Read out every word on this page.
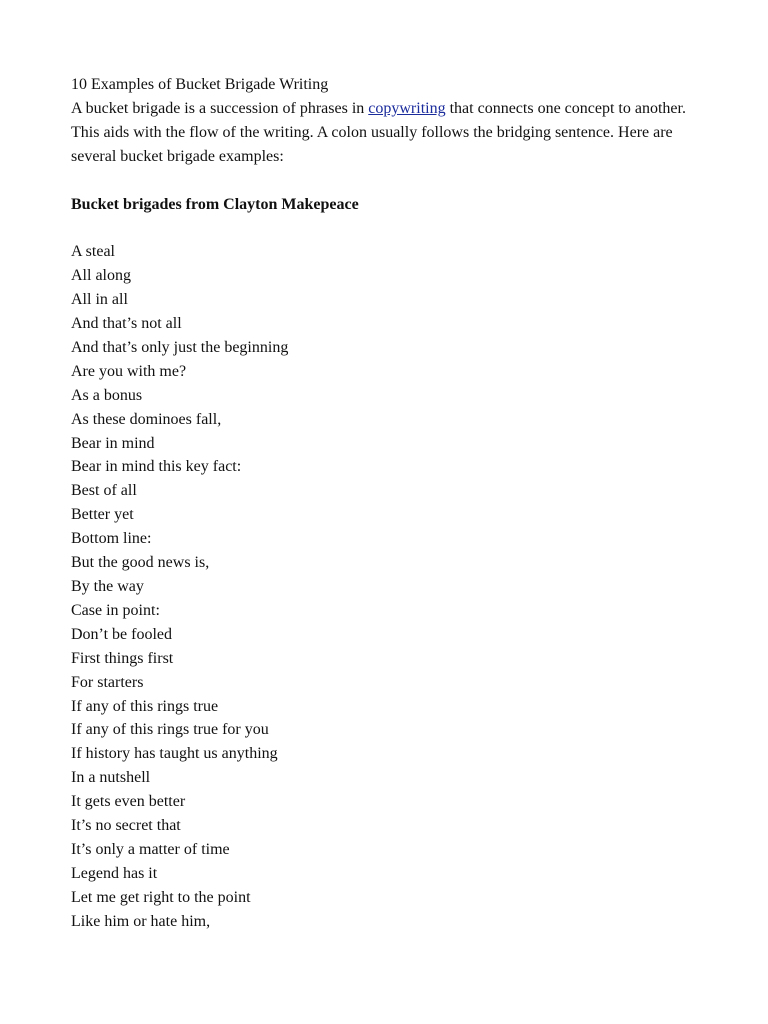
10 Examples of Bucket Brigade Writing

A bucket brigade is a succession of phrases in copywriting that connects one concept to another. This aids with the flow of the writing. A colon usually follows the bridging sentence. Here are several bucket brigade examples:

Bucket brigades from Clayton Makepeace
A steal
All along
All in all
And that’s not all
And that’s only just the beginning
Are you with me?
As a bonus
As these dominoes fall,
Bear in mind
Bear in mind this key fact:
Best of all
Better yet
Bottom line:
But the good news is,
By the way
Case in point:
Don’t be fooled
First things first
For starters
If any of this rings true
If any of this rings true for you
If history has taught us anything
In a nutshell
It gets even better
It’s no secret that
It’s only a matter of time
Legend has it
Let me get right to the point
Like him or hate him,
